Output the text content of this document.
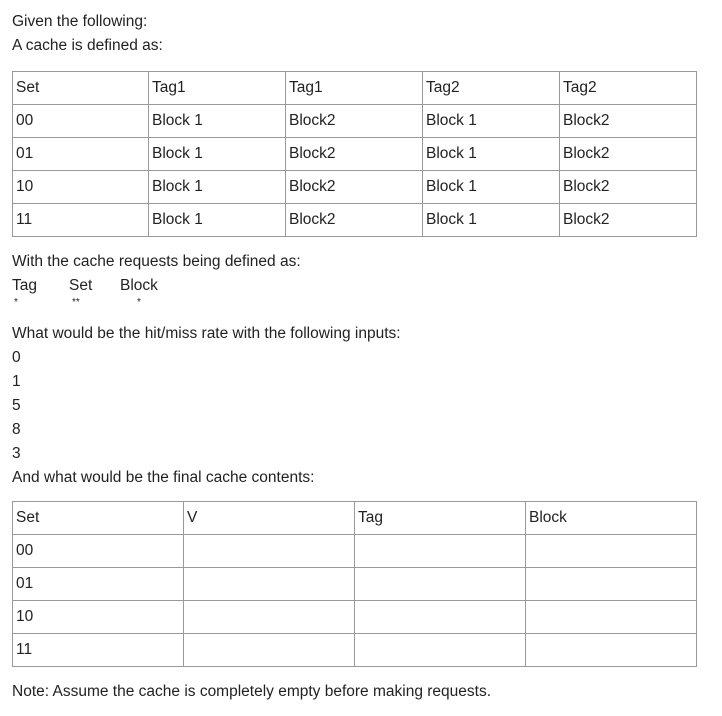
Given the following:
A cache is defined as:
Set	Tag1	Tag1	Tag2	Tag2
00	Block 1	Block2	Block 1	Block2
01	Block 1	Block2	Block 1	Block2
10	Block 1	Block2	Block 1	Block2
11	Block 1	Block2	Block 1	Block2
With the cache requests being defined as:
Tag Set Block
*	**	*
What would be the hit/miss rate with the following inputs:
0
1
5
8
3
And what would be the final cache contents:
Set	V	Tag	Block
00			
01			
10			
11			
Note: Assume the cache is completely empty before making requests.
